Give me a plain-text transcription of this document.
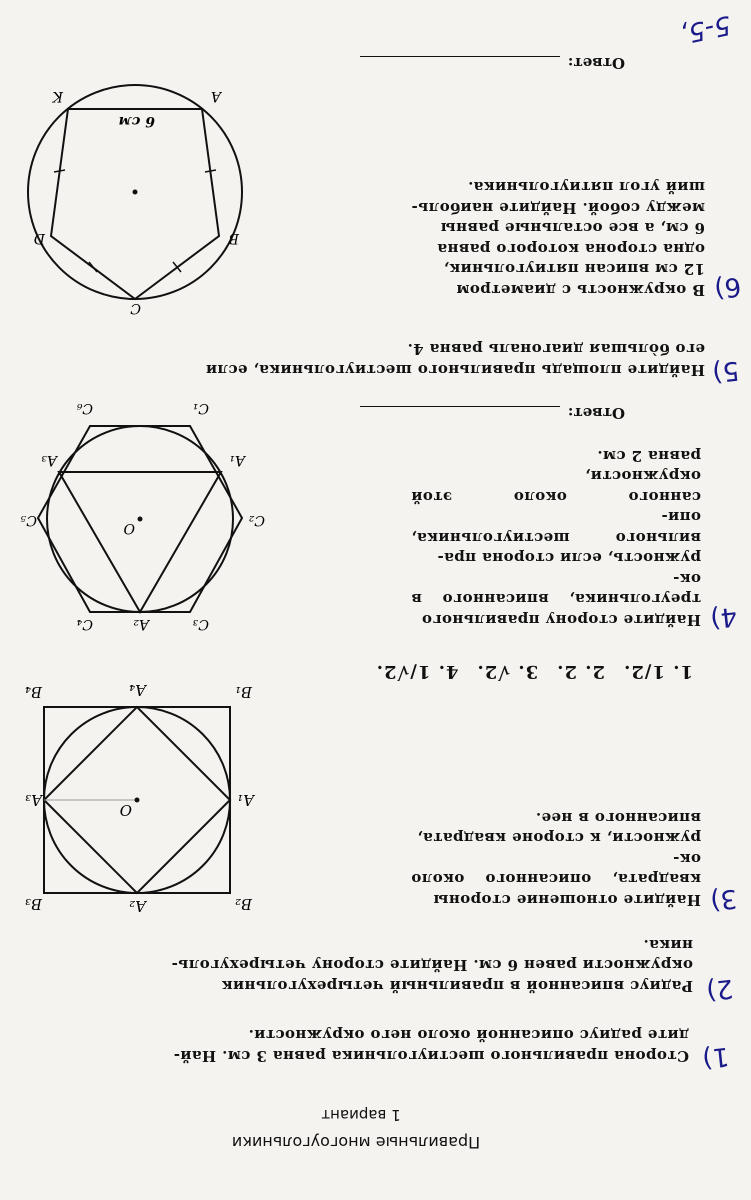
Правильные многоугольники
1 вариант
1)
Сторона правильного шестиугольника равна 3 см. Най-
дите радиус описанной около него окружности.
2)
Радиус вписанной в правильный четырехугольник
окружности равен 6 см. Найдите сторону четырехуголь-
ника.
3)
Найдите отношение стороны
квадрата, описанного около ок-
ружности, к стороне квадрата,
вписанного в нее.
1. 1/2.
2. 2.
3. √2.
4. 1/√2.
B₂
A₂
B₃
A₁
O
A₃
B₁
A₄
B₄
4)
Найдите сторону правильного
треугольника, вписанного в ок-
ружность, если сторона пра-
вильного шестиугольника, опи-
санного около этой окружности,
равна 2 см.
Ответ:
C₃
A₂
C₄
C₂
O
C₅
A₁
A₃
C₁
C₆
5)
Найдите площадь правильного шестиугольника, если
его бо̀льшая диагональ равна 4.
6)
В окружность с диаметром
12 см вписан пятиугольник,
одна сторона которого равна
6 см, а все остальные равны
между собой. Найдите наиболь-
ший угол пятиугольника.
Ответ:
C
B
D
A
K
6 см
5-5,
